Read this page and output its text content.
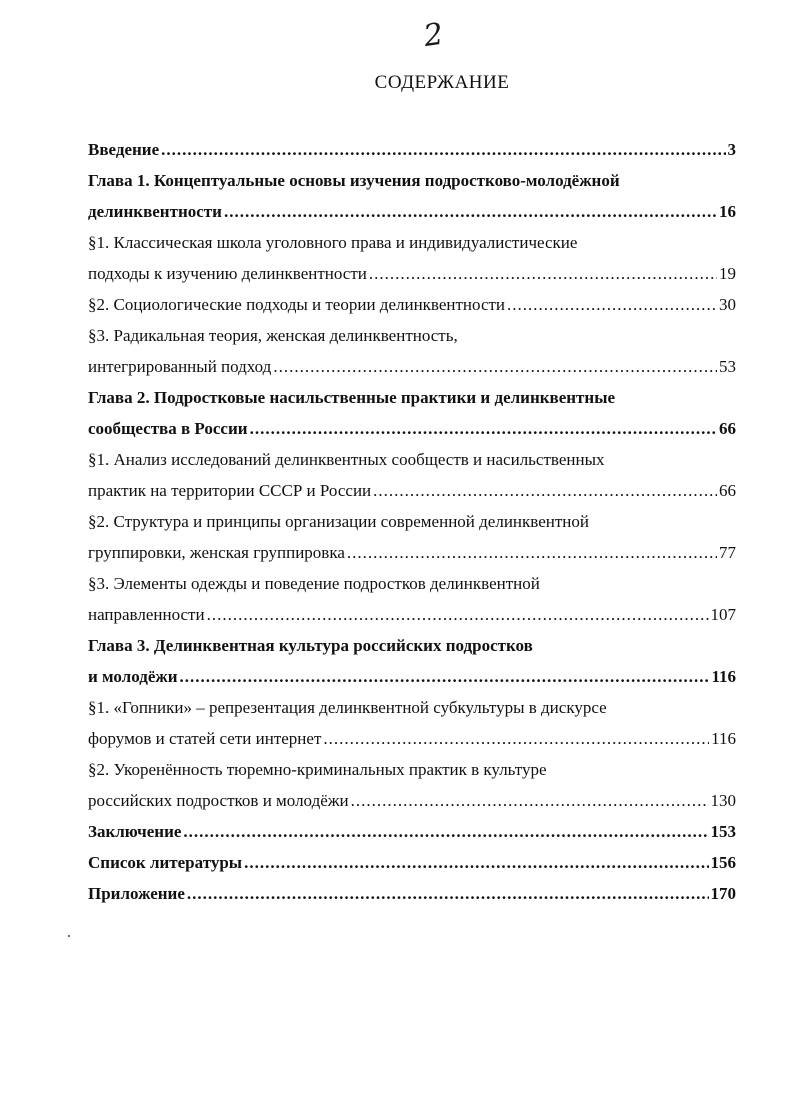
2
СОДЕРЖАНИЕ
Введение .....	3
Глава 1. Концептуальные основы изучения подростково-молодёжной
делинквентности .....	16
§1. Классическая школа уголовного права и индивидуалистические
подходы к изучению делинквентности .....	19
§2. Социологические подходы и теории делинквентности .....	30
§3. Радикальная теория, женская делинквентность,
интегрированный подход .....	53
Глава 2. Подростковые насильственные практики и делинквентные
сообщества в России .....	66
§1. Анализ исследований делинквентных сообществ и насильственных
практик на территории СССР и России .....	66
§2. Структура и принципы организации современной делинквентной
группировки, женская группировка .....	77
§3. Элементы одежды и поведение подростков делинквентной
направленности .....	107
Глава 3. Делинквентная культура российских подростков
и молодёжи .....	116
§1. «Гопники» – репрезентация делинквентной субкультуры в дискурсе
форумов и статей сети интернет .....	116
§2. Укоренённость тюремно-криминальных практик в культуре
российских подростков и молодёжи .....	130
Заключение .....	153
Список литературы .....	156
Приложение .....	170
